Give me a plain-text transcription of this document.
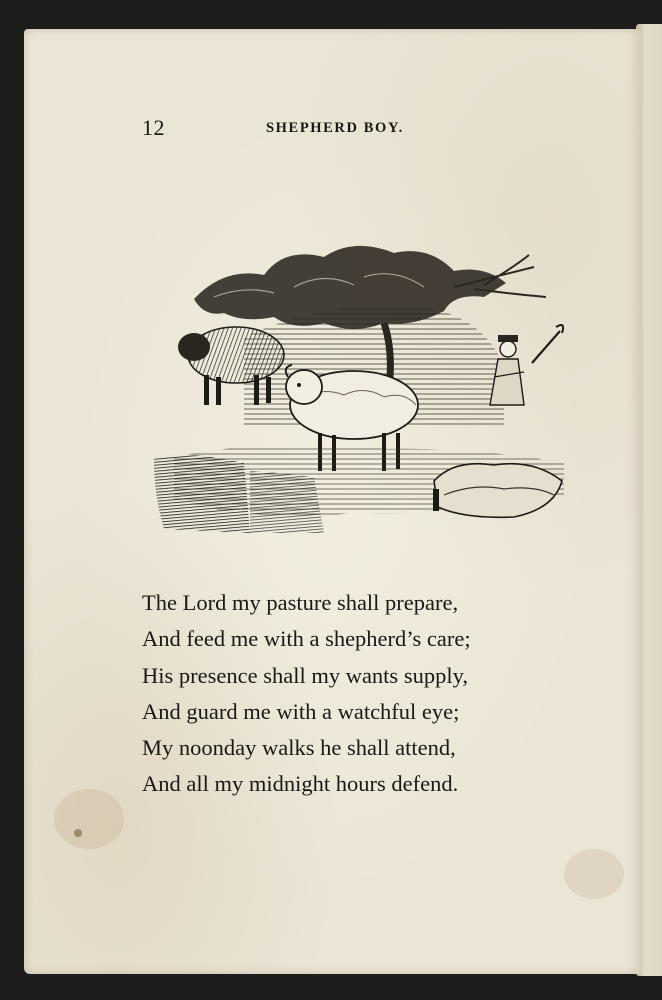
12	SHEPHERD BOY.
The Lord my pasture shall prepare,
And feed me with a shepherd’s care;
His presence shall my wants supply,
And guard me with a watchful eye;
My noonday walks he shall attend,
And all my midnight hours defend.
